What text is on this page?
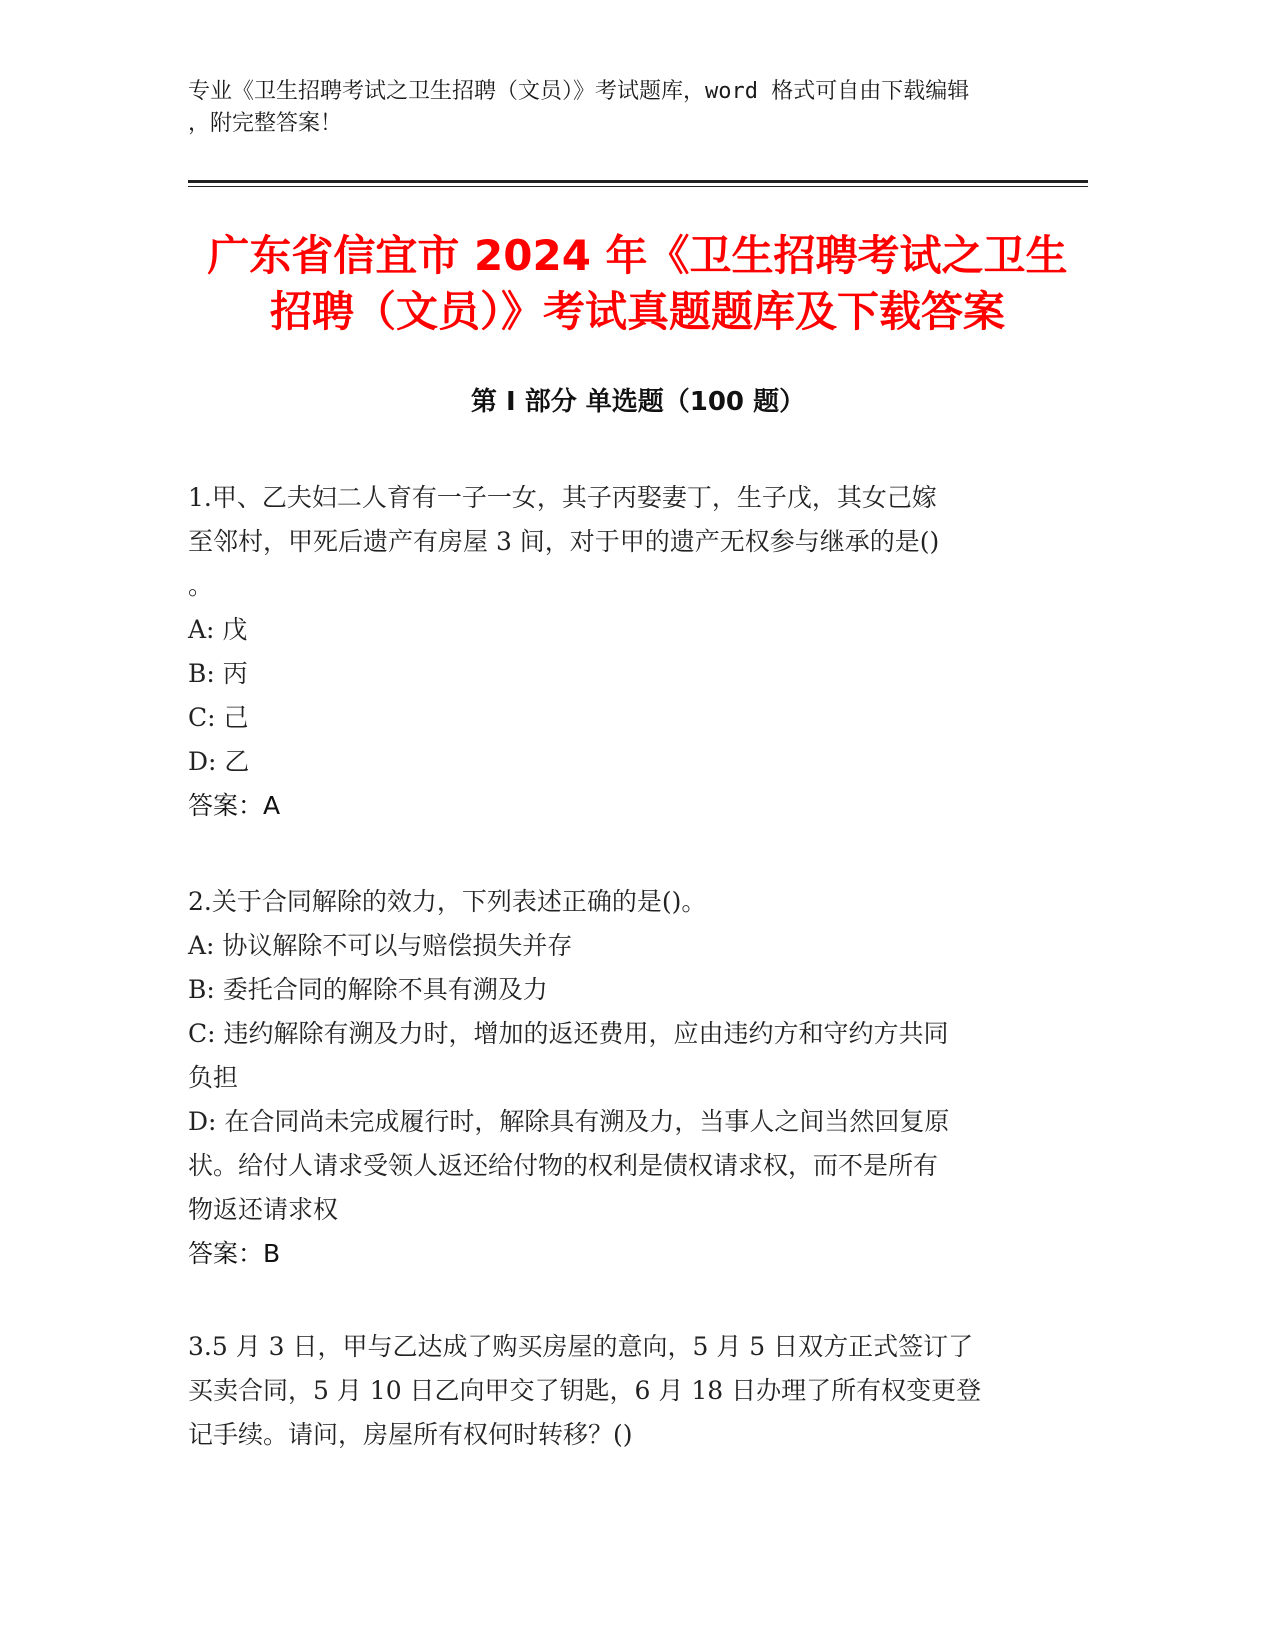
专业《卫生招聘考试之卫生招聘（文员）》考试题库，word 格式可自由下载编辑
，附完整答案！
广东省信宜市 2024 年《卫生招聘考试之卫生
招聘（文员）》考试真题题库及下载答案
第 I 部分 单选题（100 题）

1.甲、乙夫妇二人育有一子一女，其子丙娶妻丁，生子戊，其女己嫁

至邻村，甲死后遗产有房屋 3 间，对于甲的遗产无权参与继承的是()

。

A: 戊

B: 丙

C: 己

D: 乙

答案：A

2.关于合同解除的效力，下列表述正确的是()。

A: 协议解除不可以与赔偿损失并存

B: 委托合同的解除不具有溯及力

C: 违约解除有溯及力时，增加的返还费用，应由违约方和守约方共同

负担

D: 在合同尚未完成履行时，解除具有溯及力，当事人之间当然回复原

状。给付人请求受领人返还给付物的权利是债权请求权，而不是所有

物返还请求权

答案：B

3.5 月 3 日，甲与乙达成了购买房屋的意向，5 月 5 日双方正式签订了

买卖合同，5 月 10 日乙向甲交了钥匙，6 月 18 日办理了所有权变更登

记手续。请问，房屋所有权何时转移？()
